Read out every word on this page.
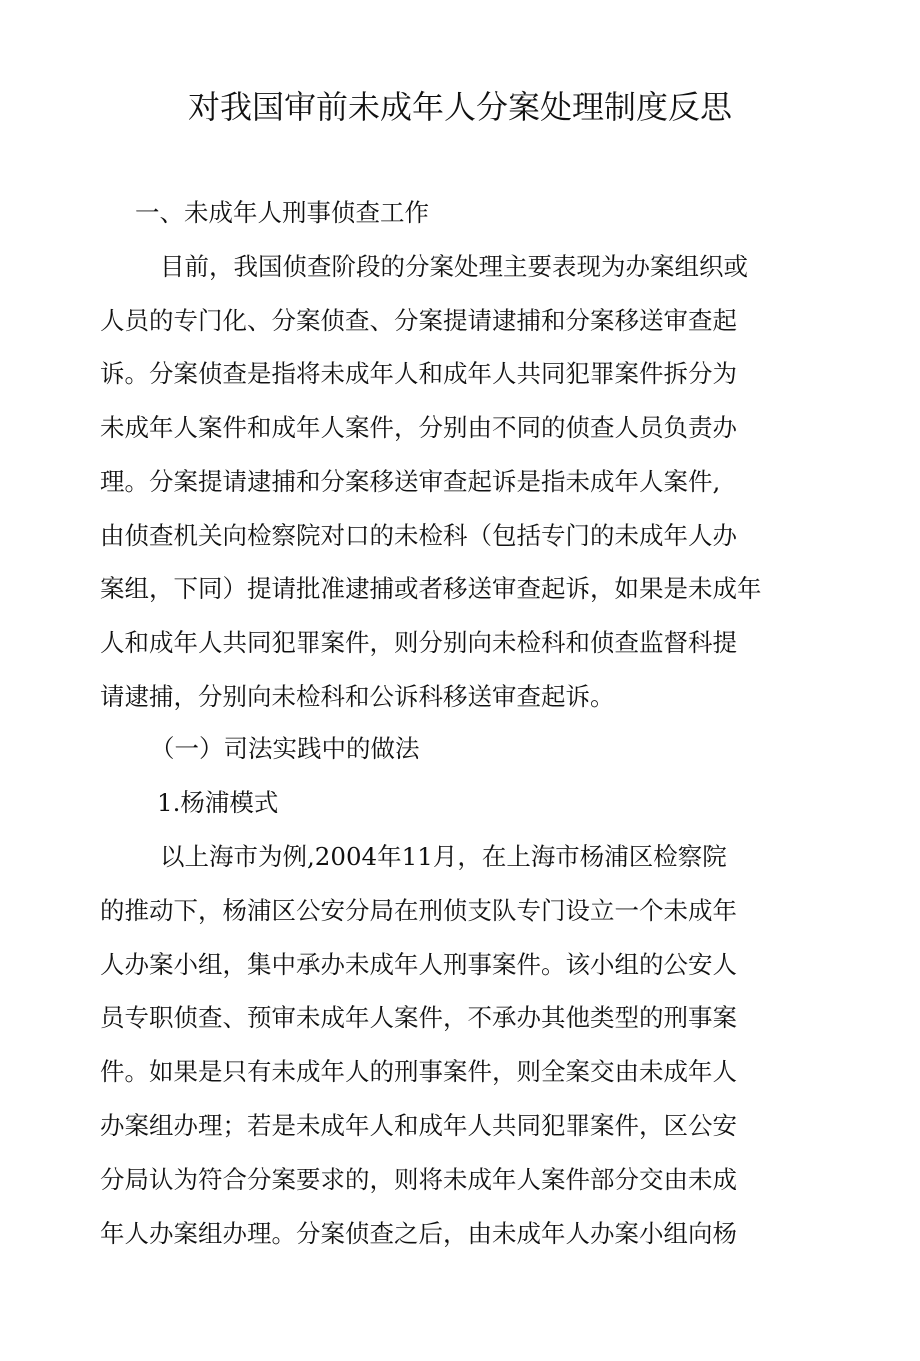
对我国审前未成年人分案处理制度反思
一、未成年人刑事侦查工作
目前，我国侦查阶段的分案处理主要表现为办案组织或
人员的专门化、分案侦查、分案提请逮捕和分案移送审查起
诉。分案侦查是指将未成年人和成年人共同犯罪案件拆分为
未成年人案件和成年人案件，分别由不同的侦查人员负责办
理。分案提请逮捕和分案移送审查起诉是指未成年人案件,
由侦查机关向检察院对口的未检科（包括专门的未成年人办
案组，下同）提请批准逮捕或者移送审查起诉，如果是未成年
人和成年人共同犯罪案件，则分别向未检科和侦查监督科提
请逮捕，分别向未检科和公诉科移送审查起诉。
（一）司法实践中的做法
1.杨浦模式
以上海市为例,2004年11月，在上海市杨浦区检察院
的推动下，杨浦区公安分局在刑侦支队专门设立一个未成年
人办案小组，集中承办未成年人刑事案件。该小组的公安人
员专职侦查、预审未成年人案件，不承办其他类型的刑事案
件。如果是只有未成年人的刑事案件，则全案交由未成年人
办案组办理；若是未成年人和成年人共同犯罪案件，区公安
分局认为符合分案要求的，则将未成年人案件部分交由未成
年人办案组办理。分案侦查之后，由未成年人办案小组向杨
